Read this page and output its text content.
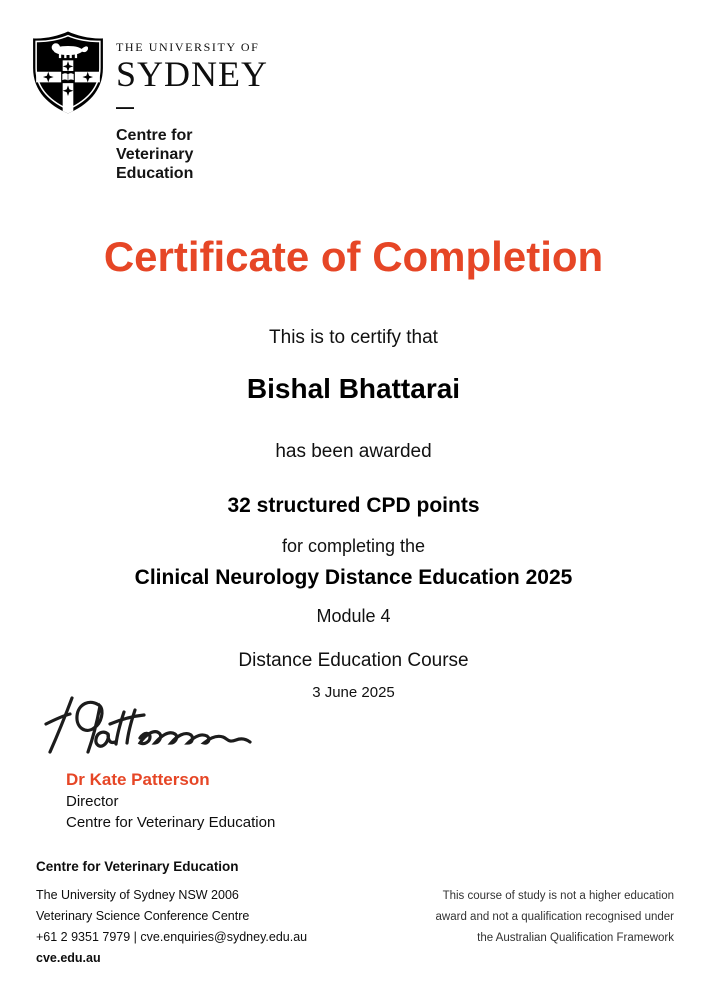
THE UNIVERSITY OF
SYDNEY
—
Centre for
Veterinary
Education
Certificate of Completion
This is to certify that
Bishal Bhattarai
has been awarded
32 structured CPD points
for completing the
Clinical Neurology Distance Education 2025
Module 4
Distance Education Course
3 June 2025
Dr Kate Patterson
Director
Centre for Veterinary Education
Centre for Veterinary Education
The University of Sydney NSW 2006
Veterinary Science Conference Centre
+61 2 9351 7979 | cve.enquiries@sydney.edu.au
cve.edu.au
This course of study is not a higher education
award and not a qualification recognised under
the Australian Qualification Framework
